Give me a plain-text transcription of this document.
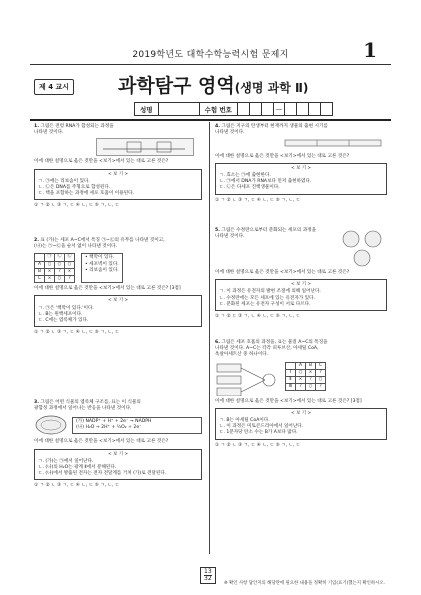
2019학년도 대학수학능력시험 문제지	1
제 4 교시	과학탐구 영역(생명 과학 Ⅱ)
성명	수험 번호	—
1. 그림은 전령 RNA가 합성되는 과정을
나타낸 것이다.
이에 대한 설명으로 옳은 것만을 <보기>에서 있는 대로 고른 것은?
< 보 기 >
ㄱ. ㉠에는 리보솜이 있다.
ㄴ. ㉡은 DNA를 주형으로 합성된다.
ㄷ. 핵을 포함하는 과정에 세포 호흡이 이용된다.
① ㄱ ② ㄴ ③ ㄱ, ㄷ ④ ㄴ, ㄷ ⑤ ㄱ, ㄴ, ㄷ
2. 표 (가)는 세포 A~C에서 특징 ㉠~㉢의 유무를 나타낸 것이고,
(나)는 ㉠~㉢을 순서 없이 나타낸 것이다.
	㉠	㉡	㉢
A	○	○	○
B	×	?	×
C	×	○	?
• 핵막이 있다.
• 세포벽이 있다.
• 리보솜이 있다.
이에 대한 설명으로 옳은 것만을 <보기>에서 있는 대로 고른 것은? [3점]
< 보 기 >
ㄱ. ㉠은 '핵막이 있다.'이다.
ㄴ. B는 원핵세포이다.
ㄷ. C에는 엽록체가 있다.
① ㄱ ② ㄴ ③ ㄱ, ㄷ ④ ㄴ, ㄷ ⑤ ㄱ, ㄴ, ㄷ
3. 그림은 어떤 식물의 엽록체 구조를, 표는 이 식물의
광합성 과정에서 일어나는 반응을 나타낸 것이다.
(가) NADP⁺ + H⁺ + 2e⁻ → NADPH
(나) H₂O → 2H⁺ + ½O₂ + 2e⁻
이에 대한 설명으로 옳은 것만을 <보기>에서 있는 대로 고른 것은?
< 보 기 >
ㄱ. (가)는 ㉠에서 일어난다.
ㄴ. (나)의 H₂O는 광계 Ⅱ에서 분해된다.
ㄷ. (나)에서 방출된 전자는 전자 전달계를 거쳐 (가)로 전달된다.
① ㄱ ② ㄴ ③ ㄱ, ㄷ ④ ㄴ, ㄷ ⑤ ㄱ, ㄴ, ㄷ
4. 그림은 지구의 탄생부터 현재까지 생물의 출현 시기를
나타낸 것이다.
이에 대한 설명으로 옳은 것만을 <보기>에서 있는 대로 고른 것은?
< 보 기 >
ㄱ. 효소는 ㉠에 출현한다.
ㄴ. ㉠에서 DNA가 RNA보다 먼저 출현하였다.
ㄷ. ㉡은 다세포 진핵생물이다.
① ㄱ ② ㄴ ③ ㄱ, ㄷ ④ ㄴ, ㄷ ⑤ ㄱ, ㄴ, ㄷ
5. 그림은 수정란으로부터 분화되는 세포의 과정을
나타낸 것이다.
이에 대한 설명으로 옳은 것만을 <보기>에서 있는 대로 고른 것은?
< 보 기 >
ㄱ. 이 과정은 유전자의 발현 조절에 의해 일어난다.
ㄴ. 수정란에는 모든 세포에 있는 유전자가 있다.
ㄷ. 분화된 세포는 유전자 구성이 서로 다르다.
① ㄱ ② ㄷ ③ ㄱ, ㄴ ④ ㄴ, ㄷ ⑤ ㄱ, ㄴ, ㄷ
6. 그림은 세포 호흡의 과정을, 표는 물질 A~C의 특징을
나타낸 것이다. A~C는 각각 피루브산, 아세틸 CoA,
옥살아세트산 중 하나이다.
	A	B	C
Ⅰ	○	×	?
Ⅱ	×	?	○
Ⅲ	?	○	?
이에 대한 설명으로 옳은 것만을 <보기>에서 있는 대로 고른 것은? [3점]
< 보 기 >
ㄱ. B는 아세틸 CoA이다.
ㄴ. 이 과정은 미토콘드리아에서 일어난다.
ㄷ. 1분자당 탄소 수는 B가 A보다 많다.
① ㄱ ② ㄴ ③ ㄱ, ㄷ ④ ㄴ, ㄷ ⑤ ㄱ, ㄴ, ㄷ
13
32
※ 확인 사항 답안지의 해당란에 필요한 내용을 정확히 기입(표기)했는지 확인하시오.
